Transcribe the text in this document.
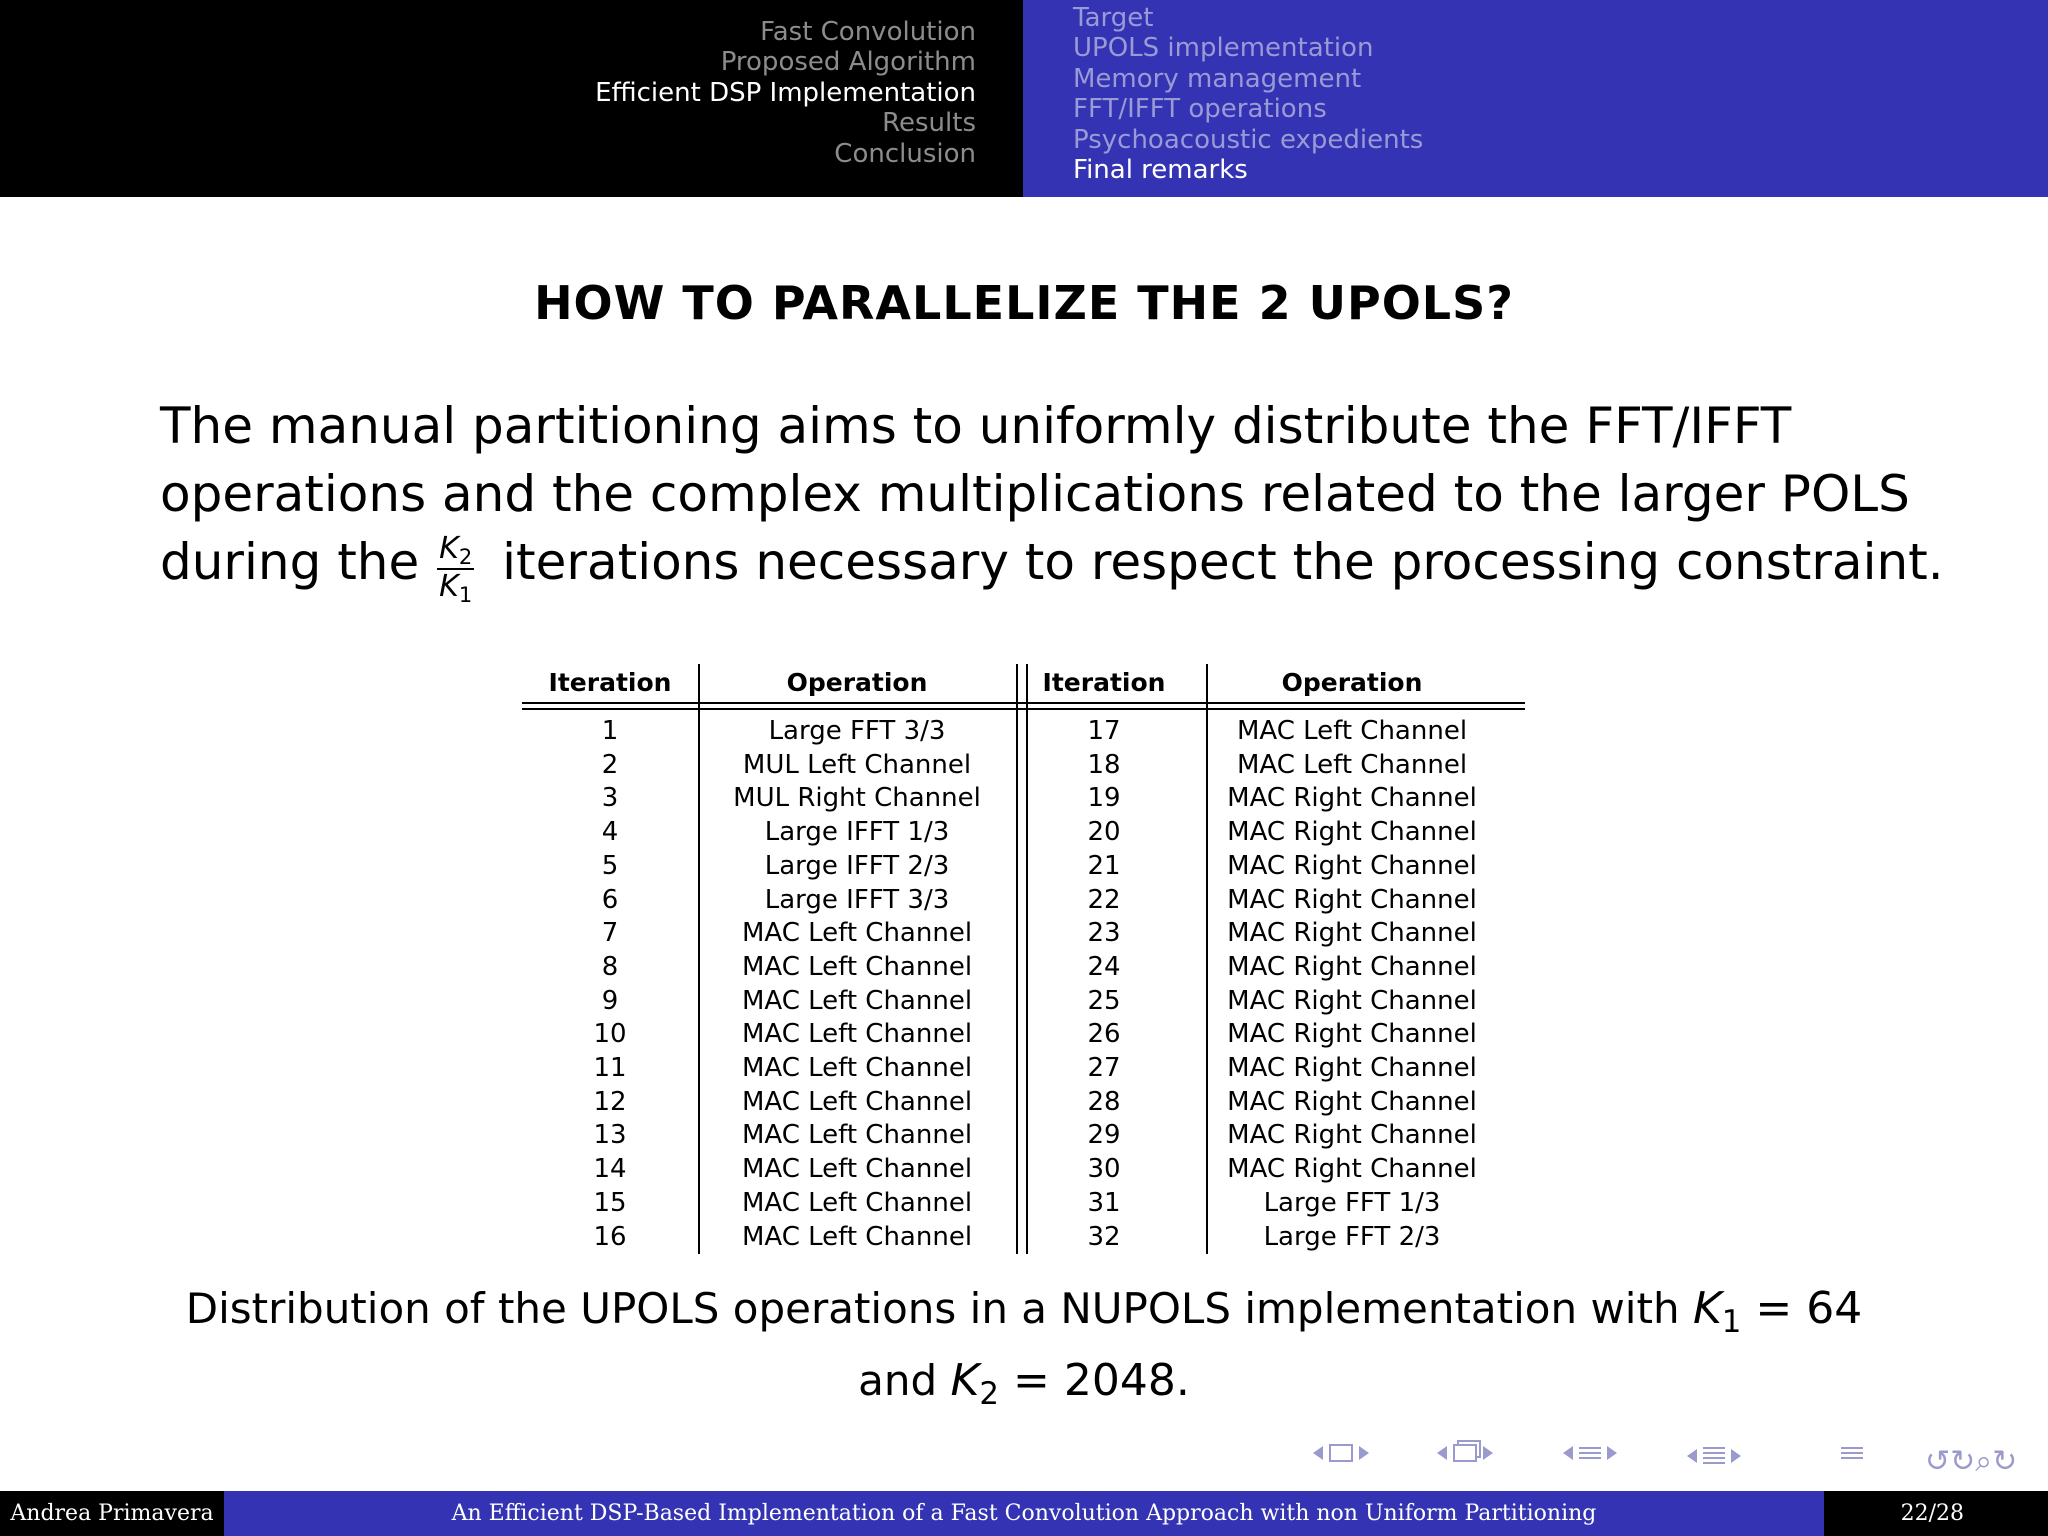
Fast Convolution
Proposed Algorithm
Efficient DSP Implementation
Results
Conclusion
Target
UPOLS implementation
Memory management
FFT/IFFT operations
Psychoacoustic expedients
Final remarks
HOW TO PARALLELIZE THE 2 UPOLS?
The manual partitioning aims to uniformly distribute the FFT/IFFT
operations and the complex multiplications related to the larger POLS
during the $\frac{K_2}{K_1}$ iterations necessary to respect the processing constraint.
Iteration	Operation	Iteration	Operation
1	Large FFT 3/3	17	MAC Left Channel
2	MUL Left Channel	18	MAC Left Channel
3	MUL Right Channel	19	MAC Right Channel
4	Large IFFT 1/3	20	MAC Right Channel
5	Large IFFT 2/3	21	MAC Right Channel
6	Large IFFT 3/3	22	MAC Right Channel
7	MAC Left Channel	23	MAC Right Channel
8	MAC Left Channel	24	MAC Right Channel
9	MAC Left Channel	25	MAC Right Channel
10	MAC Left Channel	26	MAC Right Channel
11	MAC Left Channel	27	MAC Right Channel
12	MAC Left Channel	28	MAC Right Channel
13	MAC Left Channel	29	MAC Right Channel
14	MAC Left Channel	30	MAC Right Channel
15	MAC Left Channel	31	Large FFT 1/3
16	MAC Left Channel	32	Large FFT 2/3
Distribution of the UPOLS operations in a NUPOLS implementation with $K_1 = 64$
and $K_2 = 2048$.
↺↻⌕↻
Andrea Primavera	An Efficient DSP-Based Implementation of a Fast Convolution Approach with non Uniform Partitioning	22/28
